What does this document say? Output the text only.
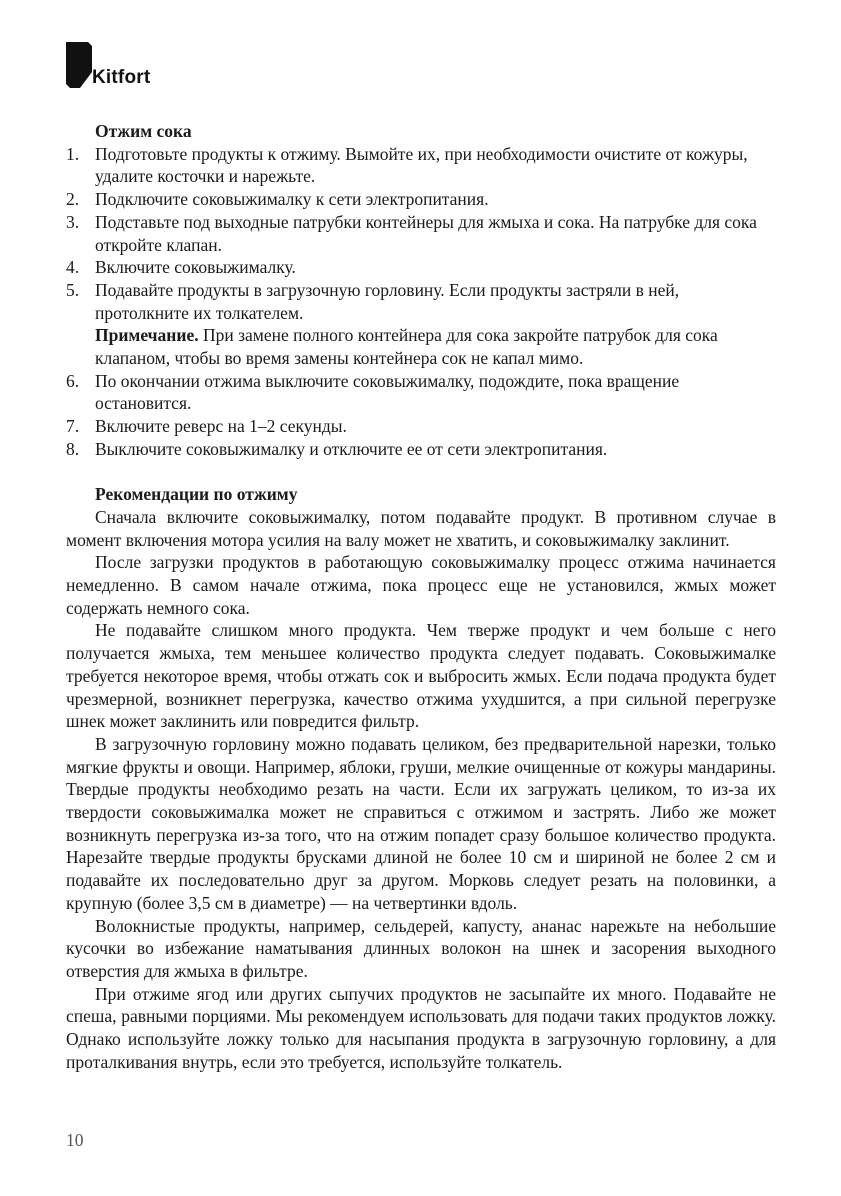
Kitfort
Отжим сока
1. Подготовьте продукты к отжиму. Вымойте их, при необходимости очистите от кожуры, удалите косточки и нарежьте.
2. Подключите соковыжималку к сети электропитания.
3. Подставьте под выходные патрубки контейнеры для жмыха и сока. На патрубке для сока откройте клапан.
4. Включите соковыжималку.
5. Подавайте продукты в загрузочную горловину. Если продукты застряли в ней, протолкните их толкателем.
Примечание. При замене полного контейнера для сока закройте патрубок для сока клапаном, чтобы во время замены контейнера сок не капал мимо.
6. По окончании отжима выключите соковыжималку, подождите, пока вращение остановится.
7. Включите реверс на 1–2 секунды.
8. Выключите соковыжималку и отключите ее от сети электропитания.
Рекомендации по отжиму
Сначала включите соковыжималку, потом подавайте продукт. В противном случае в момент включения мотора усилия на валу может не хватить, и соковыжималку заклинит.
После загрузки продуктов в работающую соковыжималку процесс отжима начинается немедленно. В самом начале отжима, пока процесс еще не установился, жмых может содержать немного сока.
Не подавайте слишком много продукта. Чем тверже продукт и чем больше с него получается жмыха, тем меньшее количество продукта следует подавать. Соковыжималке требуется некоторое время, чтобы отжать сок и выбросить жмых. Если подача продукта будет чрезмерной, возникнет перегрузка, качество отжима ухудшится, а при сильной перегрузке шнек может заклинить или повредится фильтр.
В загрузочную горловину можно подавать целиком, без предварительной нарезки, только мягкие фрукты и овощи. Например, яблоки, груши, мелкие очищенные от кожуры мандарины. Твердые продукты необходимо резать на части. Если их загружать целиком, то из-за их твердости соковыжималка может не справиться с отжимом и застрять. Либо же может возникнуть перегрузка из-за того, что на отжим попадет сразу большое количество продукта. Нарезайте твердые продукты брусками длиной не более 10 см и шириной не более 2 см и подавайте их последовательно друг за другом. Морковь следует резать на половинки, а крупную (более 3,5 см в диаметре) — на четвертинки вдоль.
Волокнистые продукты, например, сельдерей, капусту, ананас нарежьте на небольшие кусочки во избежание наматывания длинных волокон на шнек и засорения выходного отверстия для жмыха в фильтре.
При отжиме ягод или других сыпучих продуктов не засыпайте их много. Подавайте не спеша, равными порциями. Мы рекомендуем использовать для подачи таких продуктов ложку. Однако используйте ложку только для насыпания продукта в загрузочную горловину, а для проталкивания внутрь, если это требуется, используйте толкатель.
10
